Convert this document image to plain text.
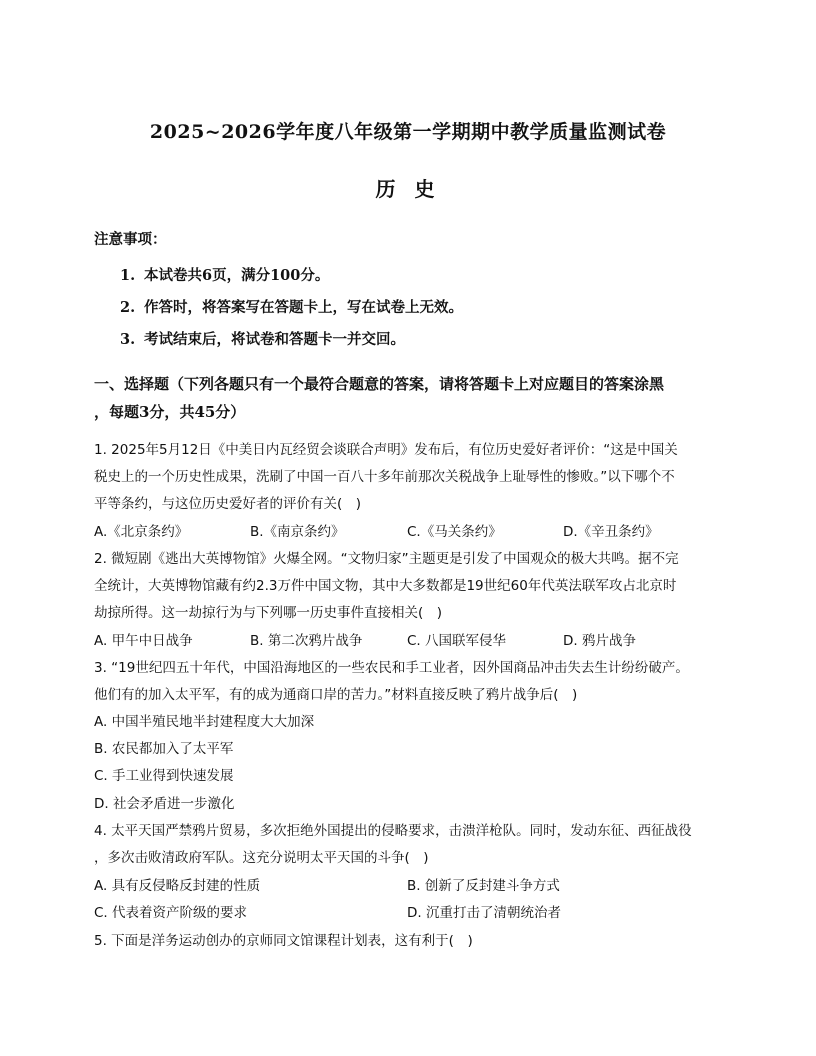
2025~2026学年度八年级第一学期期中教学质量监测试卷
历 史
注意事项：
1. 本试卷共6页，满分100分。
2. 作答时，将答案写在答题卡上，写在试卷上无效。
3. 考试结束后，将试卷和答题卡一并交回。
一、选择题（下列各题只有一个最符合题意的答案，请将答题卡上对应题目的答案涂黑
，每题3分，共45分）
1. 2025年5月12日《中美日内瓦经贸会谈联合声明》发布后，有位历史爱好者评价：“这是中国关
税史上的一个历史性成果，洗刷了中国一百八十多年前那次关税战争上耻辱性的惨败。”以下哪个不
平等条约，与这位历史爱好者的评价有关(　)
A.《北京条约》	B.《南京条约》	C.《马关条约》	D.《辛丑条约》
2. 微短剧《逃出大英博物馆》火爆全网。“文物归家”主题更是引发了中国观众的极大共鸣。据不完
全统计，大英博物馆藏有约2.3万件中国文物，其中大多数都是19世纪60年代英法联军攻占北京时
劫掠所得。这一劫掠行为与下列哪一历史事件直接相关(　)
A. 甲午中日战争	B. 第二次鸦片战争	C. 八国联军侵华	D. 鸦片战争
3. “19世纪四五十年代，中国沿海地区的一些农民和手工业者，因外国商品冲击失去生计纷纷破产。
他们有的加入太平军，有的成为通商口岸的苦力。”材料直接反映了鸦片战争后(　)
A. 中国半殖民地半封建程度大大加深
B. 农民都加入了太平军
C. 手工业得到快速发展
D. 社会矛盾进一步激化
4. 太平天国严禁鸦片贸易，多次拒绝外国提出的侵略要求，击溃洋枪队。同时，发动东征、西征战役
，多次击败清政府军队。这充分说明太平天国的斗争(　)
A. 具有反侵略反封建的性质	B. 创新了反封建斗争方式
C. 代表着资产阶级的要求	D. 沉重打击了清朝统治者
5. 下面是洋务运动创办的京师同文馆课程计划表，这有利于(　)
